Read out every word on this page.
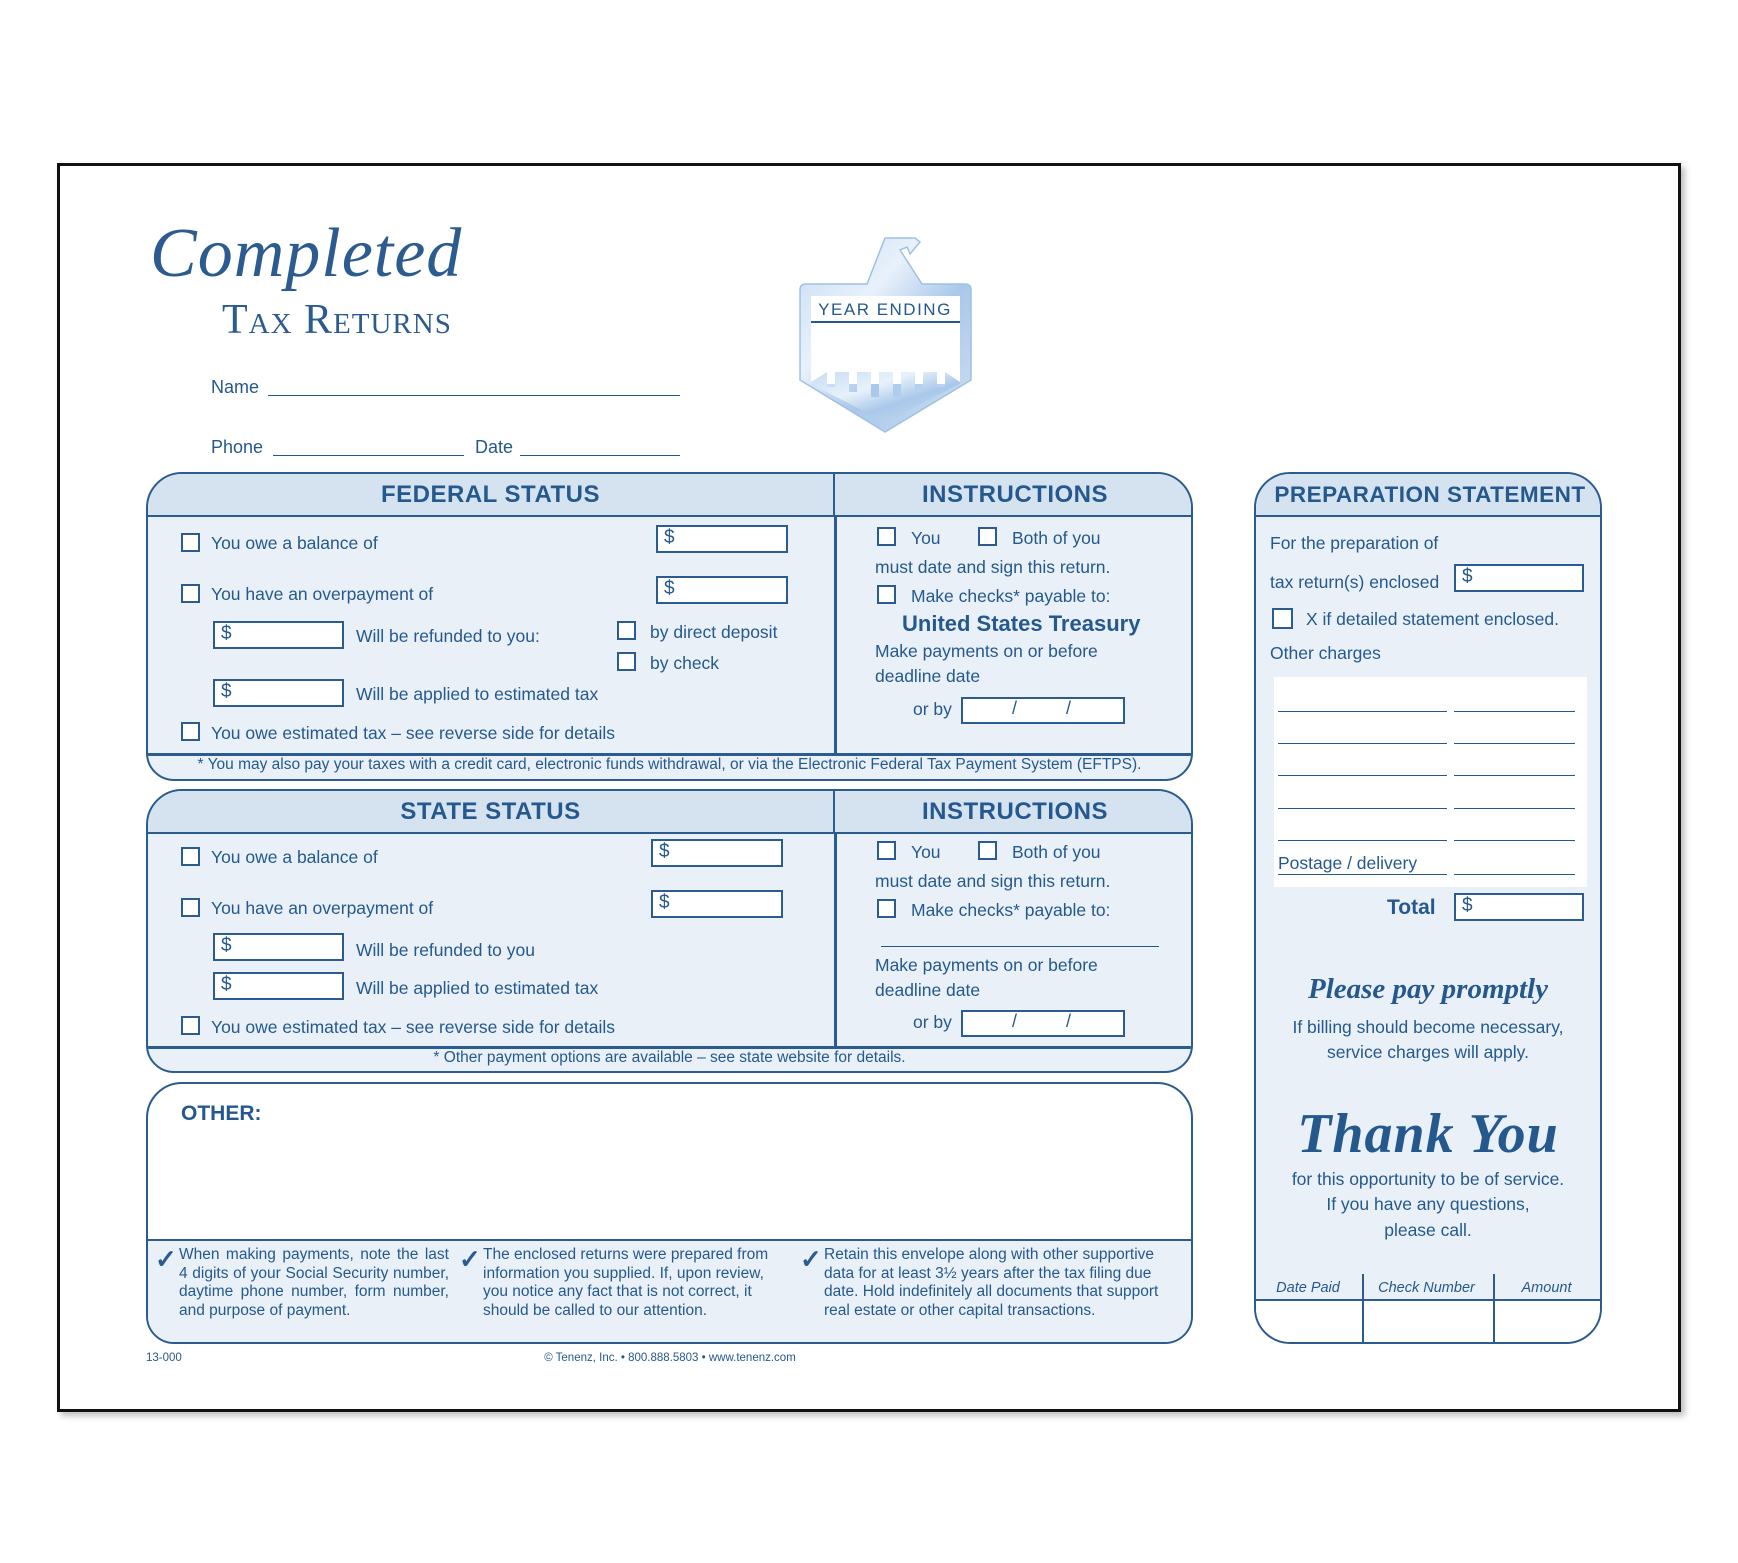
Completed
Tax Returns
Name
Phone	Date
YEAR ENDING
FEDERAL STATUS	INSTRUCTIONS
You owe a balance of	$
You have an overpayment of	$
$	Will be refunded to you:	by direct deposit
by check
$	Will be applied to estimated tax
You owe estimated tax – see reverse side for details
* You may also pay your taxes with a credit card, electronic funds withdrawal, or via the Electronic Federal Tax Payment System (EFTPS).
You	Both of you
must date and sign this return.
Make checks* payable to:
United States Treasury
Make payments on or before
deadline date
or by	/	/
STATE STATUS	INSTRUCTIONS
You owe a balance of	$
You have an overpayment of	$
$	Will be refunded to you
$	Will be applied to estimated tax
You owe estimated tax – see reverse side for details
* Other payment options are available – see state website for details.
You	Both of you
must date and sign this return.
Make checks* payable to:
Make payments on or before
deadline date
or by	/	/
OTHER:
✓ When making payments, note the last 4 digits of your Social Security number, daytime phone number, form number, and purpose of payment.
✓ The enclosed returns were prepared from information you supplied. If, upon review, you notice any fact that is not correct, it should be called to our attention.
✓ Retain this envelope along with other supportive data for at least 3½ years after the tax filing due date. Hold indefinitely all documents that support real estate or other capital transactions.
13-000	© Tenenz, Inc. • 800.888.5803 • www.tenenz.com
PREPARATION STATEMENT
For the preparation of
tax return(s) enclosed	$
X if detailed statement enclosed.
Other charges
Postage / delivery
Total	$
Please pay promptly
If billing should become necessary,
service charges will apply.
Thank You
for this opportunity to be of service.
If you have any questions,
please call.
Date Paid	Check Number	Amount
